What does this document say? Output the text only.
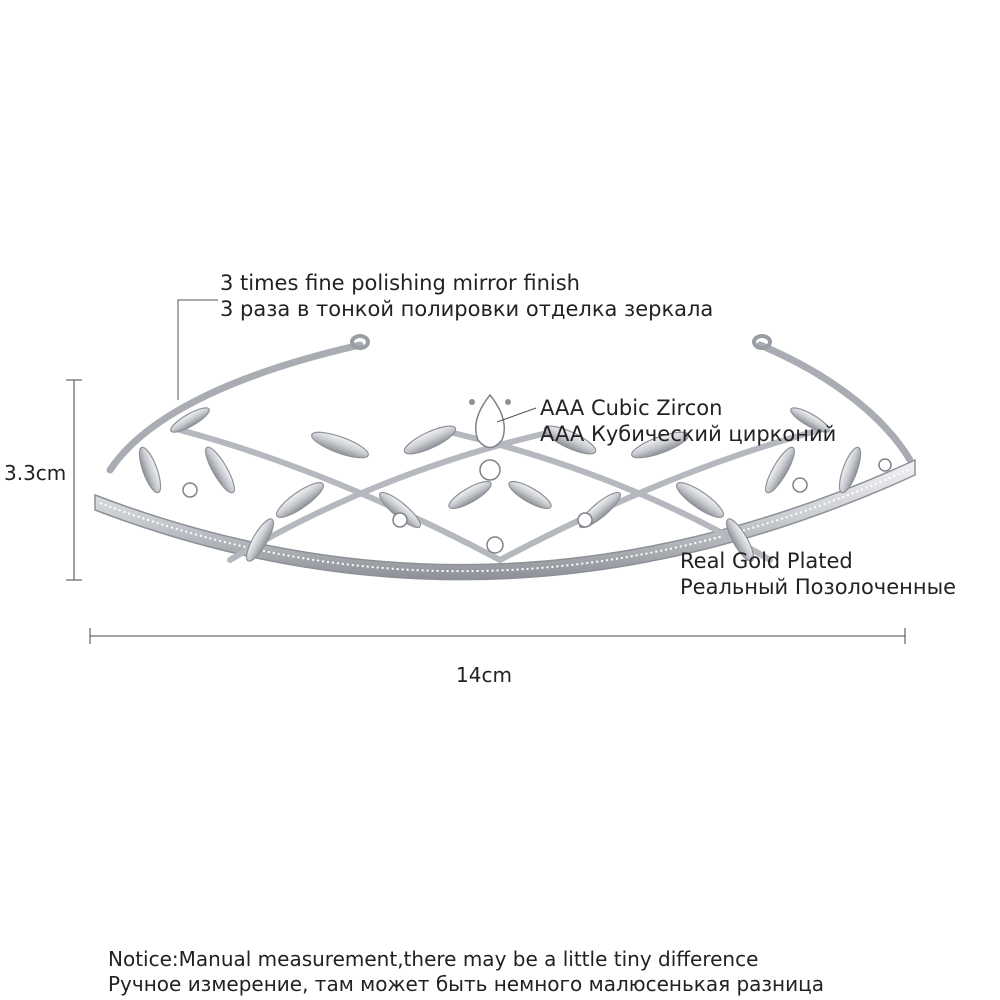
3 times fine polishing mirror finish
3 раза в тонкой полировки отделка зеркала
AAA Cubic Zircon
AAA Кубический цирконий
Real Gold Plated
Реальный Позолоченные
3.3cm
14cm
Notice:Manual measurement,there may be a little tiny difference
Ручное измерение, там может быть немного малюсенькая разница
